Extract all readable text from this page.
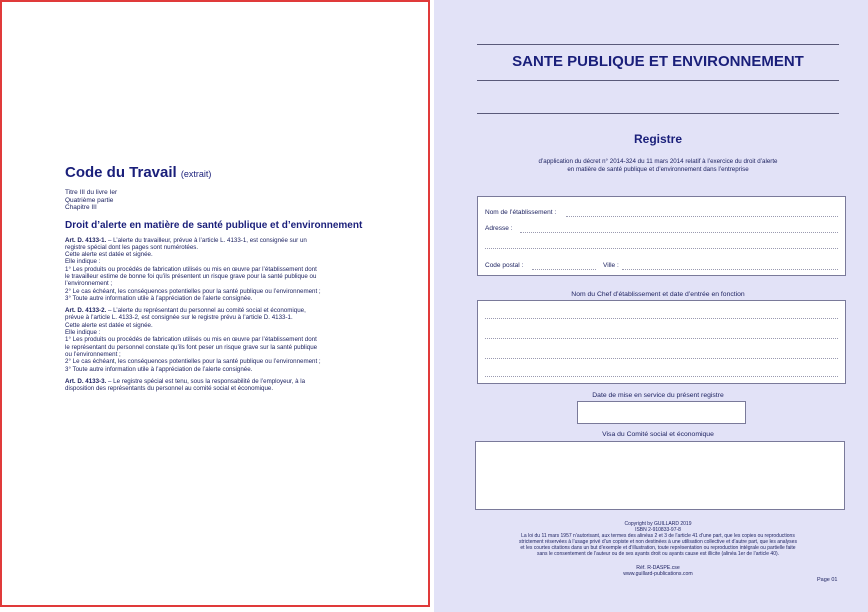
Code du Travail (extrait)
Titre III du livre Ier
Quatrième partie
Chapitre III
Droit d’alerte en matière de santé publique et d’environnement
Art. D. 4133-1. – L’alerte du travailleur, prévue à l’article L. 4133-1, est consignée sur un
registre spécial dont les pages sont numérotées.
Cette alerte est datée et signée.
Elle indique :
1° Les produits ou procédés de fabrication utilisés ou mis en œuvre par l’établissement dont
le travailleur estime de bonne foi qu’ils présentent un risque grave pour la santé publique ou
l’environnement ;
2° Le cas échéant, les conséquences potentielles pour la santé publique ou l’environnement ;
3° Toute autre information utile à l’appréciation de l’alerte consignée.
Art. D. 4133-2. – L’alerte du représentant du personnel au comité social et économique,
prévue à l’article L. 4133-2, est consignée sur le registre prévu à l’article D. 4133-1.
Cette alerte est datée et signée.
Elle indique :
1° Les produits ou procédés de fabrication utilisés ou mis en œuvre par l’établissement dont
le représentant du personnel constate qu’ils font peser un risque grave sur la santé publique
ou l’environnement ;
2° Le cas échéant, les conséquences potentielles pour la santé publique ou l’environnement ;
3° Toute autre information utile à l’appréciation de l’alerte consignée.
Art. D. 4133-3. – Le registre spécial est tenu, sous la responsabilité de l’employeur, à la
disposition des représentants du personnel au comité social et économique.
SANTE PUBLIQUE ET ENVIRONNEMENT
Registre
d’application du décret n° 2014-324 du 11 mars 2014 relatif à l’exercice du droit d’alerte
en matière de santé publique et d’environnement dans l’entreprise
Nom de l’établissement :
Adresse :
Code postal :	Ville :
Nom du Chef d’établissement et date d’entrée en fonction
Date de mise en service du présent registre
Visa du Comité social et économique
Copyright by GUILLARD 2019
ISBN 2-910833-97-8
La loi du 11 mars 1957 n’autorisant, aux termes des alinéas 2 et 3 de l’article 41 d’une part, que les copies ou reproductions
strictement réservées à l’usage privé d’un copiste et non destinées à une utilisation collective et d’autre part, que les analyses
et les courtes citations dans un but d’exemple et d’illustration, toute représentation ou reproduction intégrale ou partielle faite
sans le consentement de l’auteur ou de ses ayants droit ou ayants cause est illicite (alinéa 1er de l’article 40).
Réf. R-DASPE.cse
www.guillard-publications.com
Page 01
